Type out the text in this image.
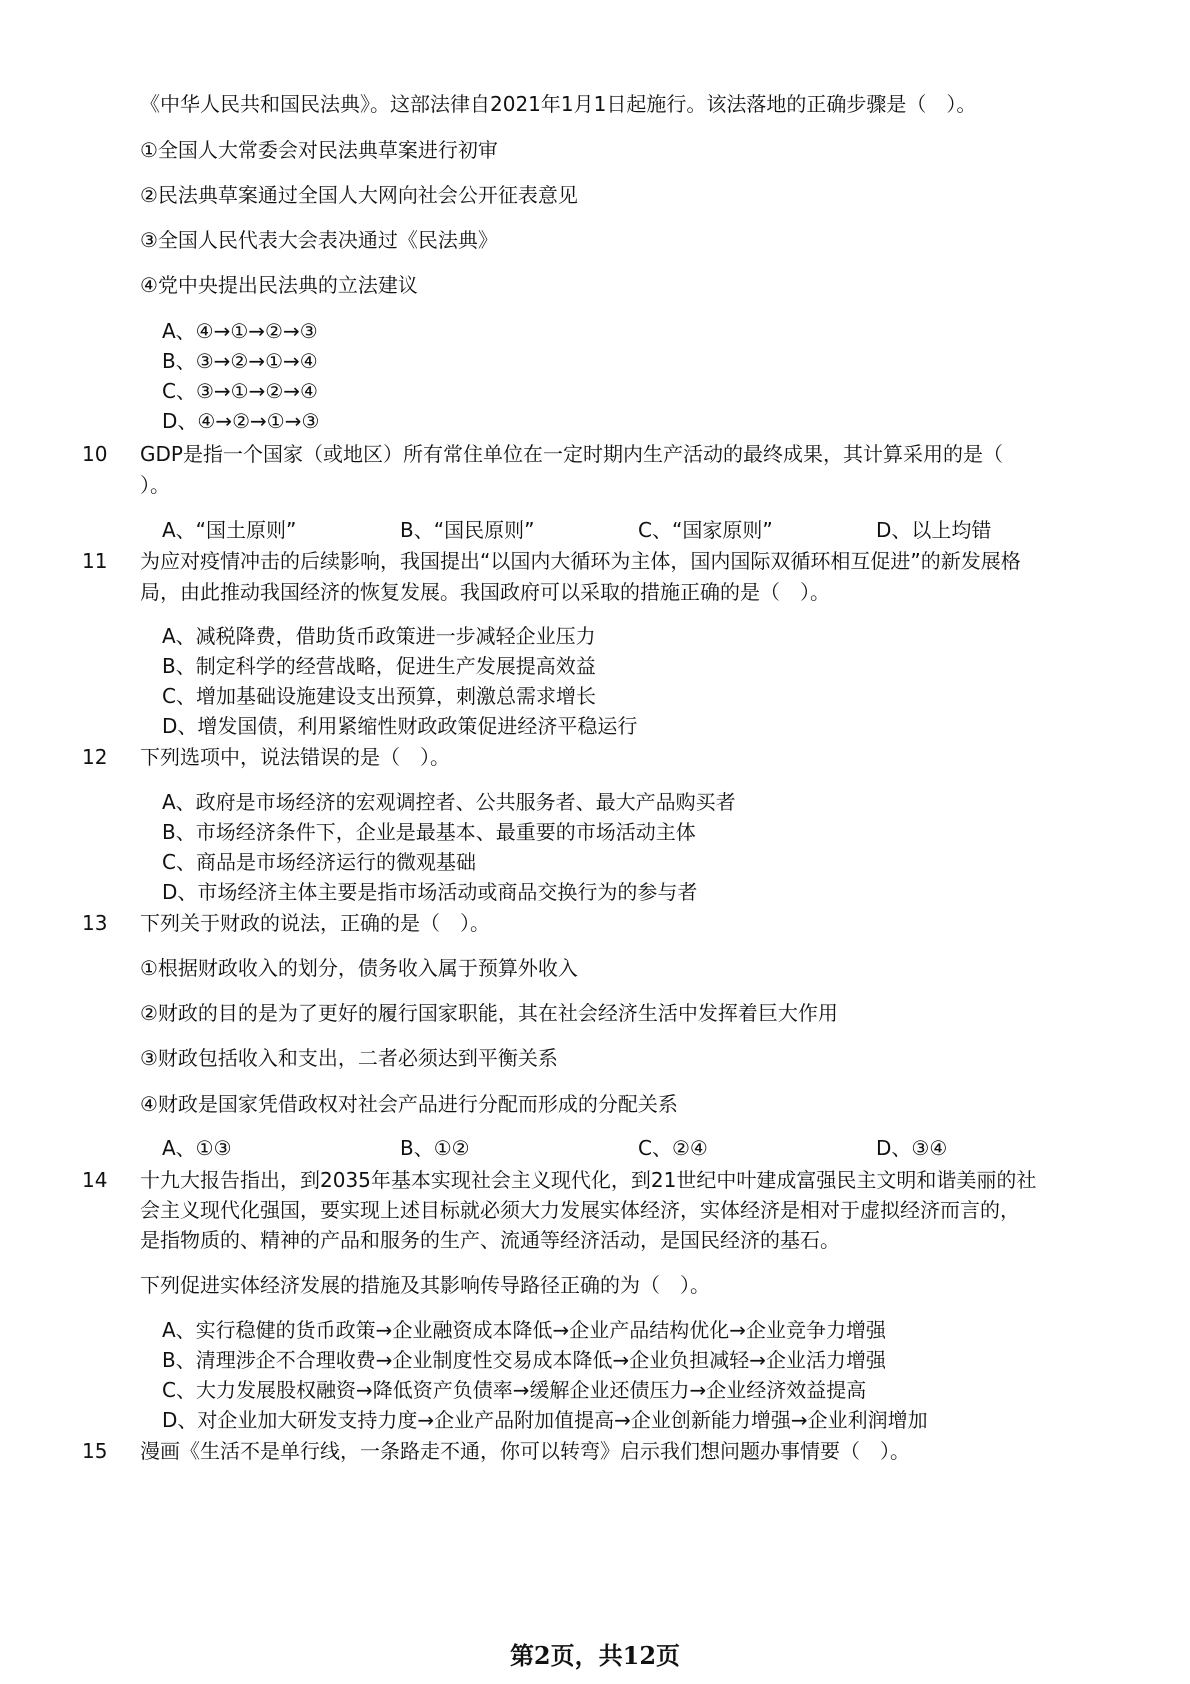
《中华人民共和国民法典》。这部法律自2021年1月1日起施行。该法落地的正确步骤是（　）。
①全国人大常委会对民法典草案进行初审
②民法典草案通过全国人大网向社会公开征表意见
③全国人民代表大会表决通过《民法典》
④党中央提出民法典的立法建议
A、④→①→②→③
B、③→②→①→④
C、③→①→②→④
D、④→②→①→③
10 GDP是指一个国家（或地区）所有常住单位在一定时期内生产活动的最终成果，其计算采用的是（
）。
A、“国土原则”	B、“国民原则”	C、“国家原则”	D、以上均错
11 为应对疫情冲击的后续影响，我国提出“以国内大循环为主体，国内国际双循环相互促进”的新发展格
局，由此推动我国经济的恢复发展。我国政府可以采取的措施正确的是（　）。
A、减税降费，借助货币政策进一步减轻企业压力
B、制定科学的经营战略，促进生产发展提高效益
C、增加基础设施建设支出预算，刺激总需求增长
D、增发国债，利用紧缩性财政政策促进经济平稳运行
12 下列选项中，说法错误的是（　）。
A、政府是市场经济的宏观调控者、公共服务者、最大产品购买者
B、市场经济条件下，企业是最基本、最重要的市场活动主体
C、商品是市场经济运行的微观基础
D、市场经济主体主要是指市场活动或商品交换行为的参与者
13 下列关于财政的说法，正确的是（　）。
①根据财政收入的划分，债务收入属于预算外收入
②财政的目的是为了更好的履行国家职能，其在社会经济生活中发挥着巨大作用
③财政包括收入和支出，二者必须达到平衡关系
④财政是国家凭借政权对社会产品进行分配而形成的分配关系
A、①③	B、①②	C、②④	D、③④
14 十九大报告指出，到2035年基本实现社会主义现代化，到21世纪中叶建成富强民主文明和谐美丽的社
会主义现代化强国，要实现上述目标就必须大力发展实体经济，实体经济是相对于虚拟经济而言的，
是指物质的、精神的产品和服务的生产、流通等经济活动，是国民经济的基石。
下列促进实体经济发展的措施及其影响传导路径正确的为（　）。
A、实行稳健的货币政策→企业融资成本降低→企业产品结构优化→企业竞争力增强
B、清理涉企不合理收费→企业制度性交易成本降低→企业负担减轻→企业活力增强
C、大力发展股权融资→降低资产负债率→缓解企业还债压力→企业经济效益提高
D、对企业加大研发支持力度→企业产品附加值提高→企业创新能力增强→企业利润增加
15 漫画《生活不是单行线，一条路走不通，你可以转弯》启示我们想问题办事情要（　）。
第2页，共12页
